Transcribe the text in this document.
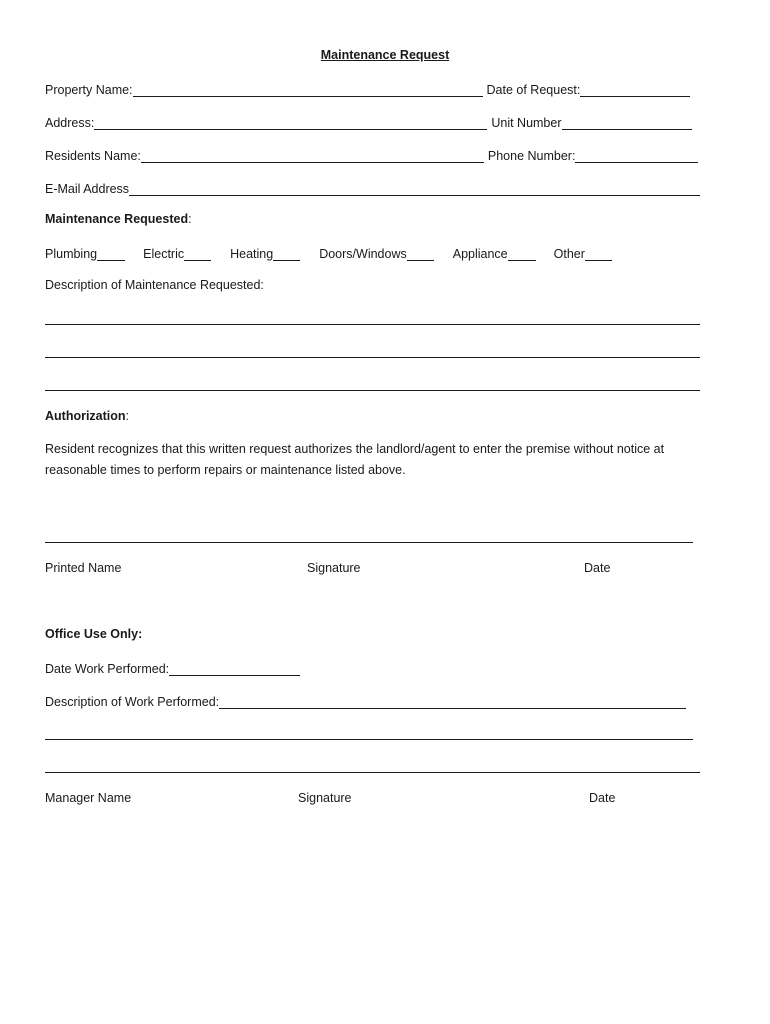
Maintenance Request
Property Name:	Date of Request:
Address:	Unit Number
Residents Name:	Phone Number:
E-Mail Address
Maintenance Requested:
Plumbing	Electric	Heating	Doors/Windows	Appliance	Other
Description of Maintenance Requested:
Authorization:
Resident recognizes that this written request authorizes the landlord/agent to enter the premise without notice at
reasonable times to perform repairs or maintenance listed above.
Printed Name	Signature	Date
Office Use Only:
Date Work Performed:
Description of Work Performed:
Manager Name	Signature	Date
